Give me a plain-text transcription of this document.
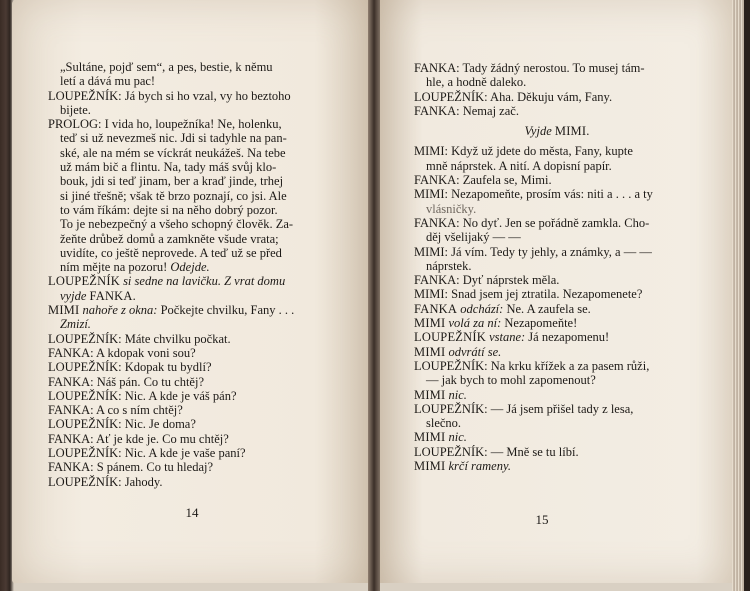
„Sultáne, pojď sem“, a pes, bestie, k němu
letí a dává mu pac!
LOUPEŽNÍK: Já bych si ho vzal, vy ho beztoho
bijete.
PROLOG: I vida ho, loupežníka! Ne, holenku,
teď si už nevezmeš nic. Jdi si tadyhle na pan-
ské, ale na mém se víckrát neukážeš. Na tebe
už mám bič a flintu. Na, tady máš svůj klo-
bouk, jdi si teď jinam, ber a kraď jinde, trhej
si jiné třešně; však tě brzo poznají, co jsi. Ale
to vám říkám: dejte si na něho dobrý pozor.
To je nebezpečný a všeho schopný člověk. Za-
žeňte drůbež domů a zamkněte všude vrata;
uvidíte, co ještě neprovede. A teď už se před
ním mějte na pozoru! Odejde.
LOUPEŽNÍK si sedne na lavičku. Z vrat domu
vyjde FANKA.
MIMI nahoře z okna: Počkejte chvilku, Fany . . .
Zmizí.
LOUPEŽNÍK: Máte chvilku počkat.
FANKA: A kdopak voni sou?
LOUPEŽNÍK: Kdopak tu bydlí?
FANKA: Náš pán. Co tu chtěj?
LOUPEŽNÍK: Nic. A kde je váš pán?
FANKA: A co s ním chtěj?
LOUPEŽNÍK: Nic. Je doma?
FANKA: Ať je kde je. Co mu chtěj?
LOUPEŽNÍK: Nic. A kde je vaše paní?
FANKA: S pánem. Co tu hledaj?
LOUPEŽNÍK: Jahody.
14
FANKA: Tady žádný nerostou. To musej tám-
hle, a hodně daleko.
LOUPEŽNÍK: Aha. Děkuju vám, Fany.
FANKA: Nemaj zač.
Vyjde MIMI.
MIMI: Když už jdete do města, Fany, kupte
mně náprstek. A nití. A dopisní papír.
FANKA: Zaufela se, Mimi.
MIMI: Nezapomeňte, prosím vás: niti a . . . a ty
vlásničky.
FANKA: No dyť. Jen se pořádně zamkla. Cho-
děj všelijaký — —
MIMI: Já vím. Tedy ty jehly, a známky, a — —
náprstek.
FANKA: Dyť náprstek měla.
MIMI: Snad jsem jej ztratila. Nezapomenete?
FANKA odchází: Ne. A zaufela se.
MIMI volá za ní: Nezapomeňte!
LOUPEŽNÍK vstane: Já nezapomenu!
MIMI odvrátí se.
LOUPEŽNÍK: Na krku křížek a za pasem růži,
— jak bych to mohl zapomenout?
MIMI nic.
LOUPEŽNÍK: — Já jsem přišel tady z lesa,
slečno.
MIMI nic.
LOUPEŽNÍK: — Mně se tu líbí.
MIMI krčí rameny.
15
